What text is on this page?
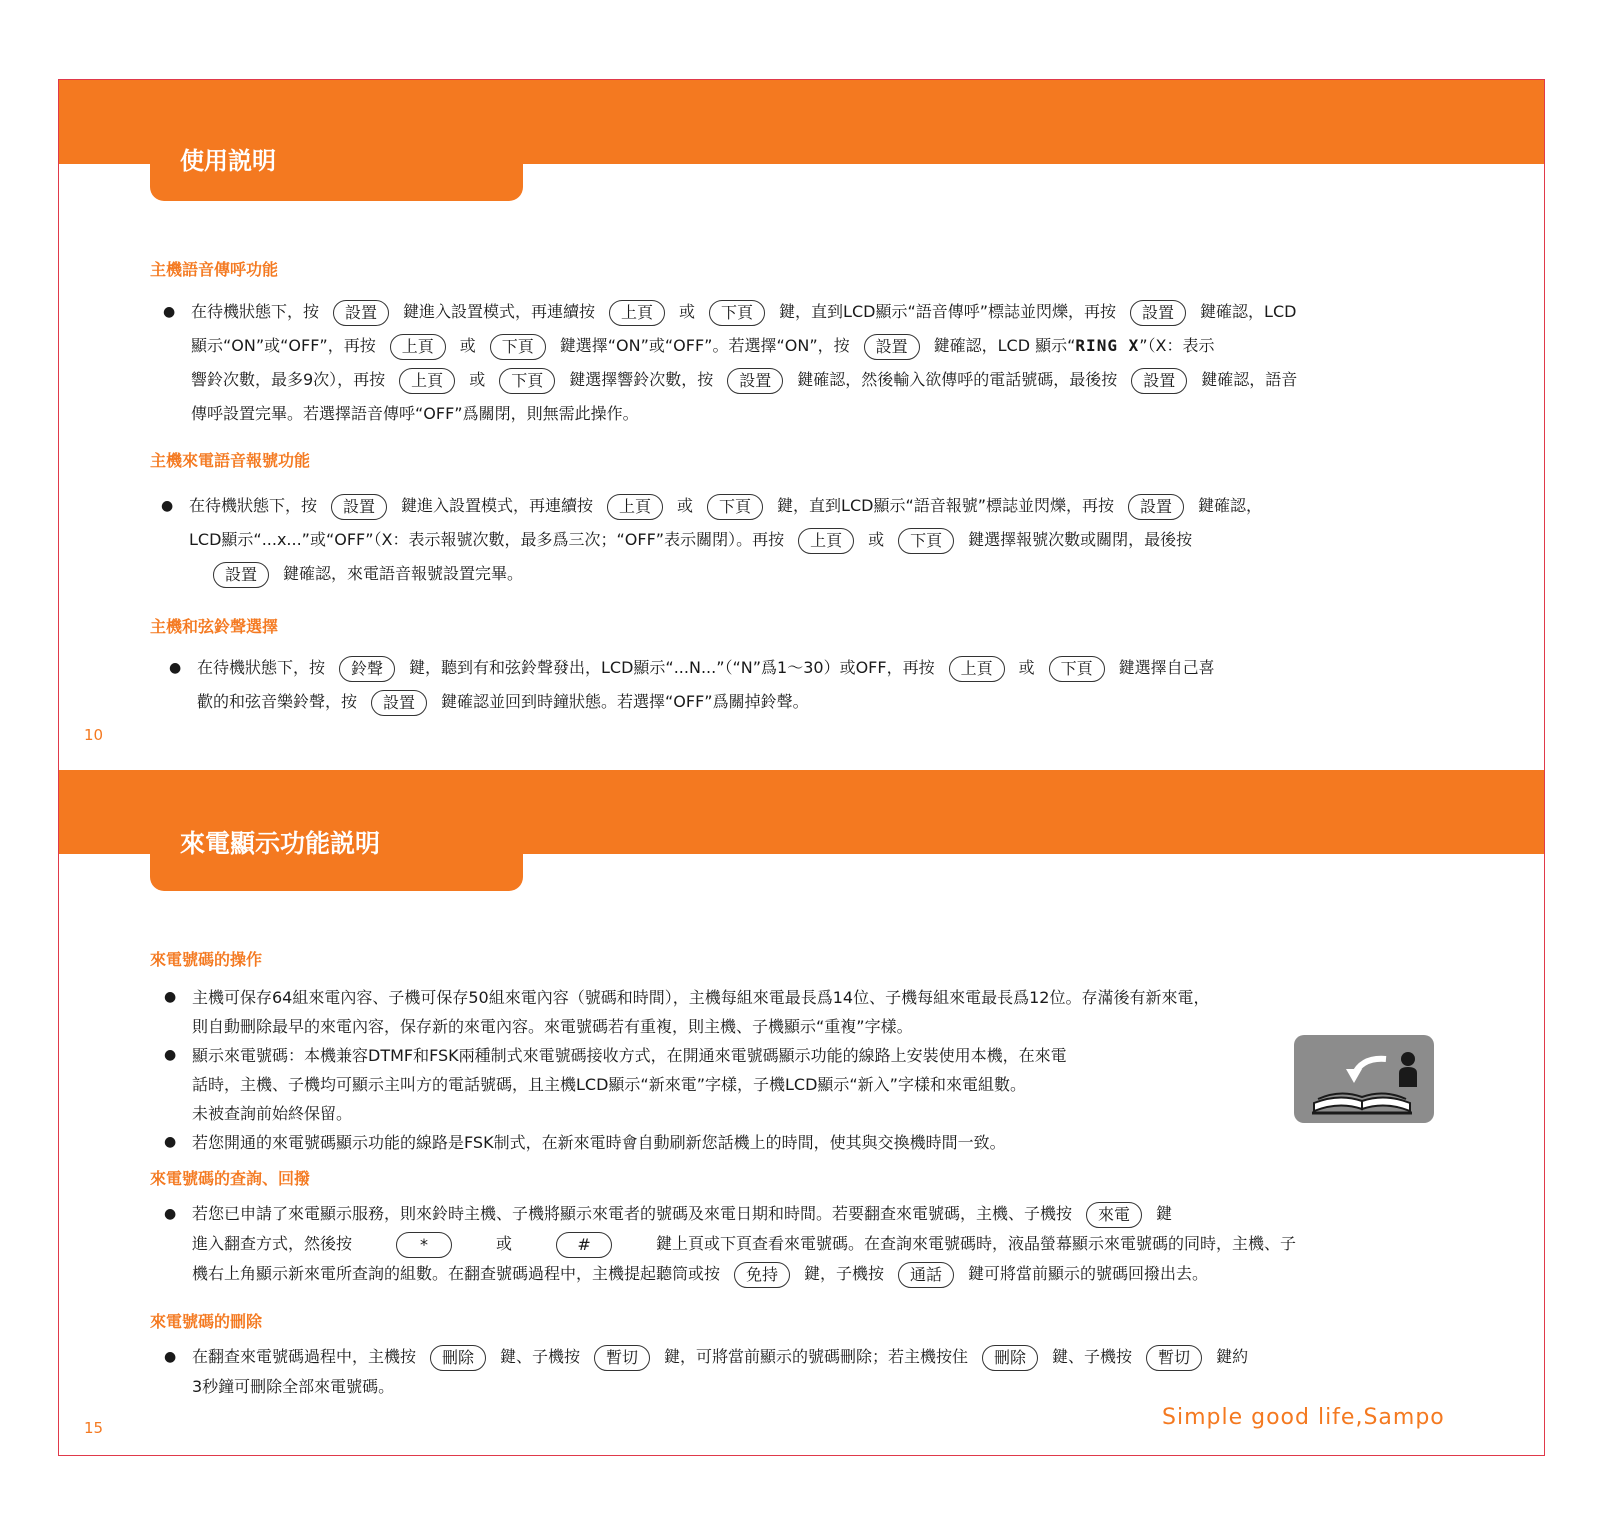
使用説明
來電顯示功能説明
主機語音傳呼功能
● 在待機狀態下，按 設置 鍵進入設置模式，再連續按 上頁 或 下頁 鍵，直到LCD顯示“語音傳呼”標誌並閃爍，再按 設置 鍵確認，LCD
顯示“ON”或“OFF”，再按 上頁 或 下頁 鍵選擇“ON”或“OFF”。若選擇“ON”，按 設置 鍵確認，LCD 顯示“RING X”（X：表示
響鈴次數，最多9次），再按 上頁 或 下頁 鍵選擇響鈴次數，按 設置 鍵確認，然後輸入欲傳呼的電話號碼，最後按 設置 鍵確認，語音
傳呼設置完畢。若選擇語音傳呼“OFF”爲關閉，則無需此操作。
主機來電語音報號功能
● 在待機狀態下，按 設置 鍵進入設置模式，再連續按 上頁 或 下頁 鍵，直到LCD顯示“語音報號”標誌並閃爍，再按 設置 鍵確認，
LCD顯示“...x...”或“OFF”（X：表示報號次數，最多爲三次；“OFF”表示關閉）。再按 上頁 或 下頁 鍵選擇報號次數或關閉，最後按
設置 鍵確認，來電語音報號設置完畢。
主機和弦鈴聲選擇
● 在待機狀態下，按 鈴聲 鍵，聽到有和弦鈴聲發出，LCD顯示“...N...”（“N”爲1～30）或OFF，再按 上頁 或 下頁 鍵選擇自己喜
歡的和弦音樂鈴聲，按 設置 鍵確認並回到時鐘狀態。若選擇“OFF”爲關掉鈴聲。
10
來電號碼的操作
● 主機可保存64組來電內容、子機可保存50組來電內容（號碼和時間），主機每組來電最長爲14位、子機每組來電最長爲12位。存滿後有新來電，
則自動刪除最早的來電內容，保存新的來電內容。來電號碼若有重複，則主機、子機顯示“重複”字樣。
● 顯示來電號碼：本機兼容DTMF和FSK兩種制式來電號碼接收方式，在開通來電號碼顯示功能的線路上安裝使用本機，在來電
話時，主機、子機均可顯示主叫方的電話號碼，且主機LCD顯示“新來電”字樣，子機LCD顯示“新入”字樣和來電組數。
未被查詢前始終保留。
● 若您開通的來電號碼顯示功能的線路是FSK制式，在新來電時會自動刷新您話機上的時間，使其與交換機時間一致。
來電號碼的查詢、回撥
● 若您已申請了來電顯示服務，則來鈴時主機、子機將顯示來電者的號碼及來電日期和時間。若要翻查來電號碼，主機、子機按 來電 鍵
進入翻查方式，然後按	*	或	#	鍵上頁或下頁查看來電號碼。在查詢來電號碼時，液晶螢幕顯示來電號碼的同時，主機、子
機右上角顯示新來電所查詢的組數。在翻查號碼過程中，主機提起聽筒或按 免持 鍵，子機按 通話 鍵可將當前顯示的號碼回撥出去。
來電號碼的刪除
● 在翻查來電號碼過程中，主機按 刪除 鍵、子機按 暫切 鍵，可將當前顯示的號碼刪除；若主機按住 刪除 鍵、子機按 暫切 鍵約
3秒鐘可刪除全部來電號碼。
15	Simple good life,Sampo
